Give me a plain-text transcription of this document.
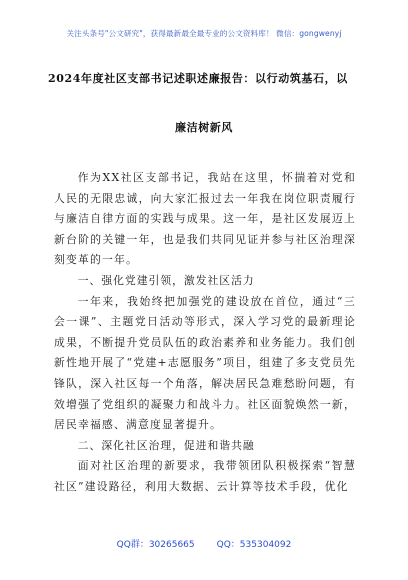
关注头条号"公文研究"，获得最新最全最专业的公文资料库！ 微信：gongwenyj
2024年度社区支部书记述职述廉报告：以行动筑基石，以
廉洁树新风

作为XX社区支部书记，我站在这里，怀揣着对党和人民的无限忠诚，向大家汇报过去一年我在岗位职责履行与廉洁自律方面的实践与成果。这一年，是社区发展迈上新台阶的关键一年，也是我们共同见证并参与社区治理深刻变革的一年。

一、强化党建引领，激发社区活力

一年来，我始终把加强党的建设放在首位，通过“三会一课”、主题党日活动等形式，深入学习党的最新理论成果，不断提升党员队伍的政治素养和业务能力。我们创新性地开展了“党建+志愿服务”项目，组建了多支党员先锋队，深入社区每一个角落，解决居民急难愁盼问题，有效增强了党组织的凝聚力和战斗力。社区面貌焕然一新，居民幸福感、满意度显著提升。

二、深化社区治理，促进和谐共融

面对社区治理的新要求，我带领团队积极探索“智慧社区”建设路径，利用大数据、云计算等技术手段，优化

QQ群：30265665 QQ：535304092
